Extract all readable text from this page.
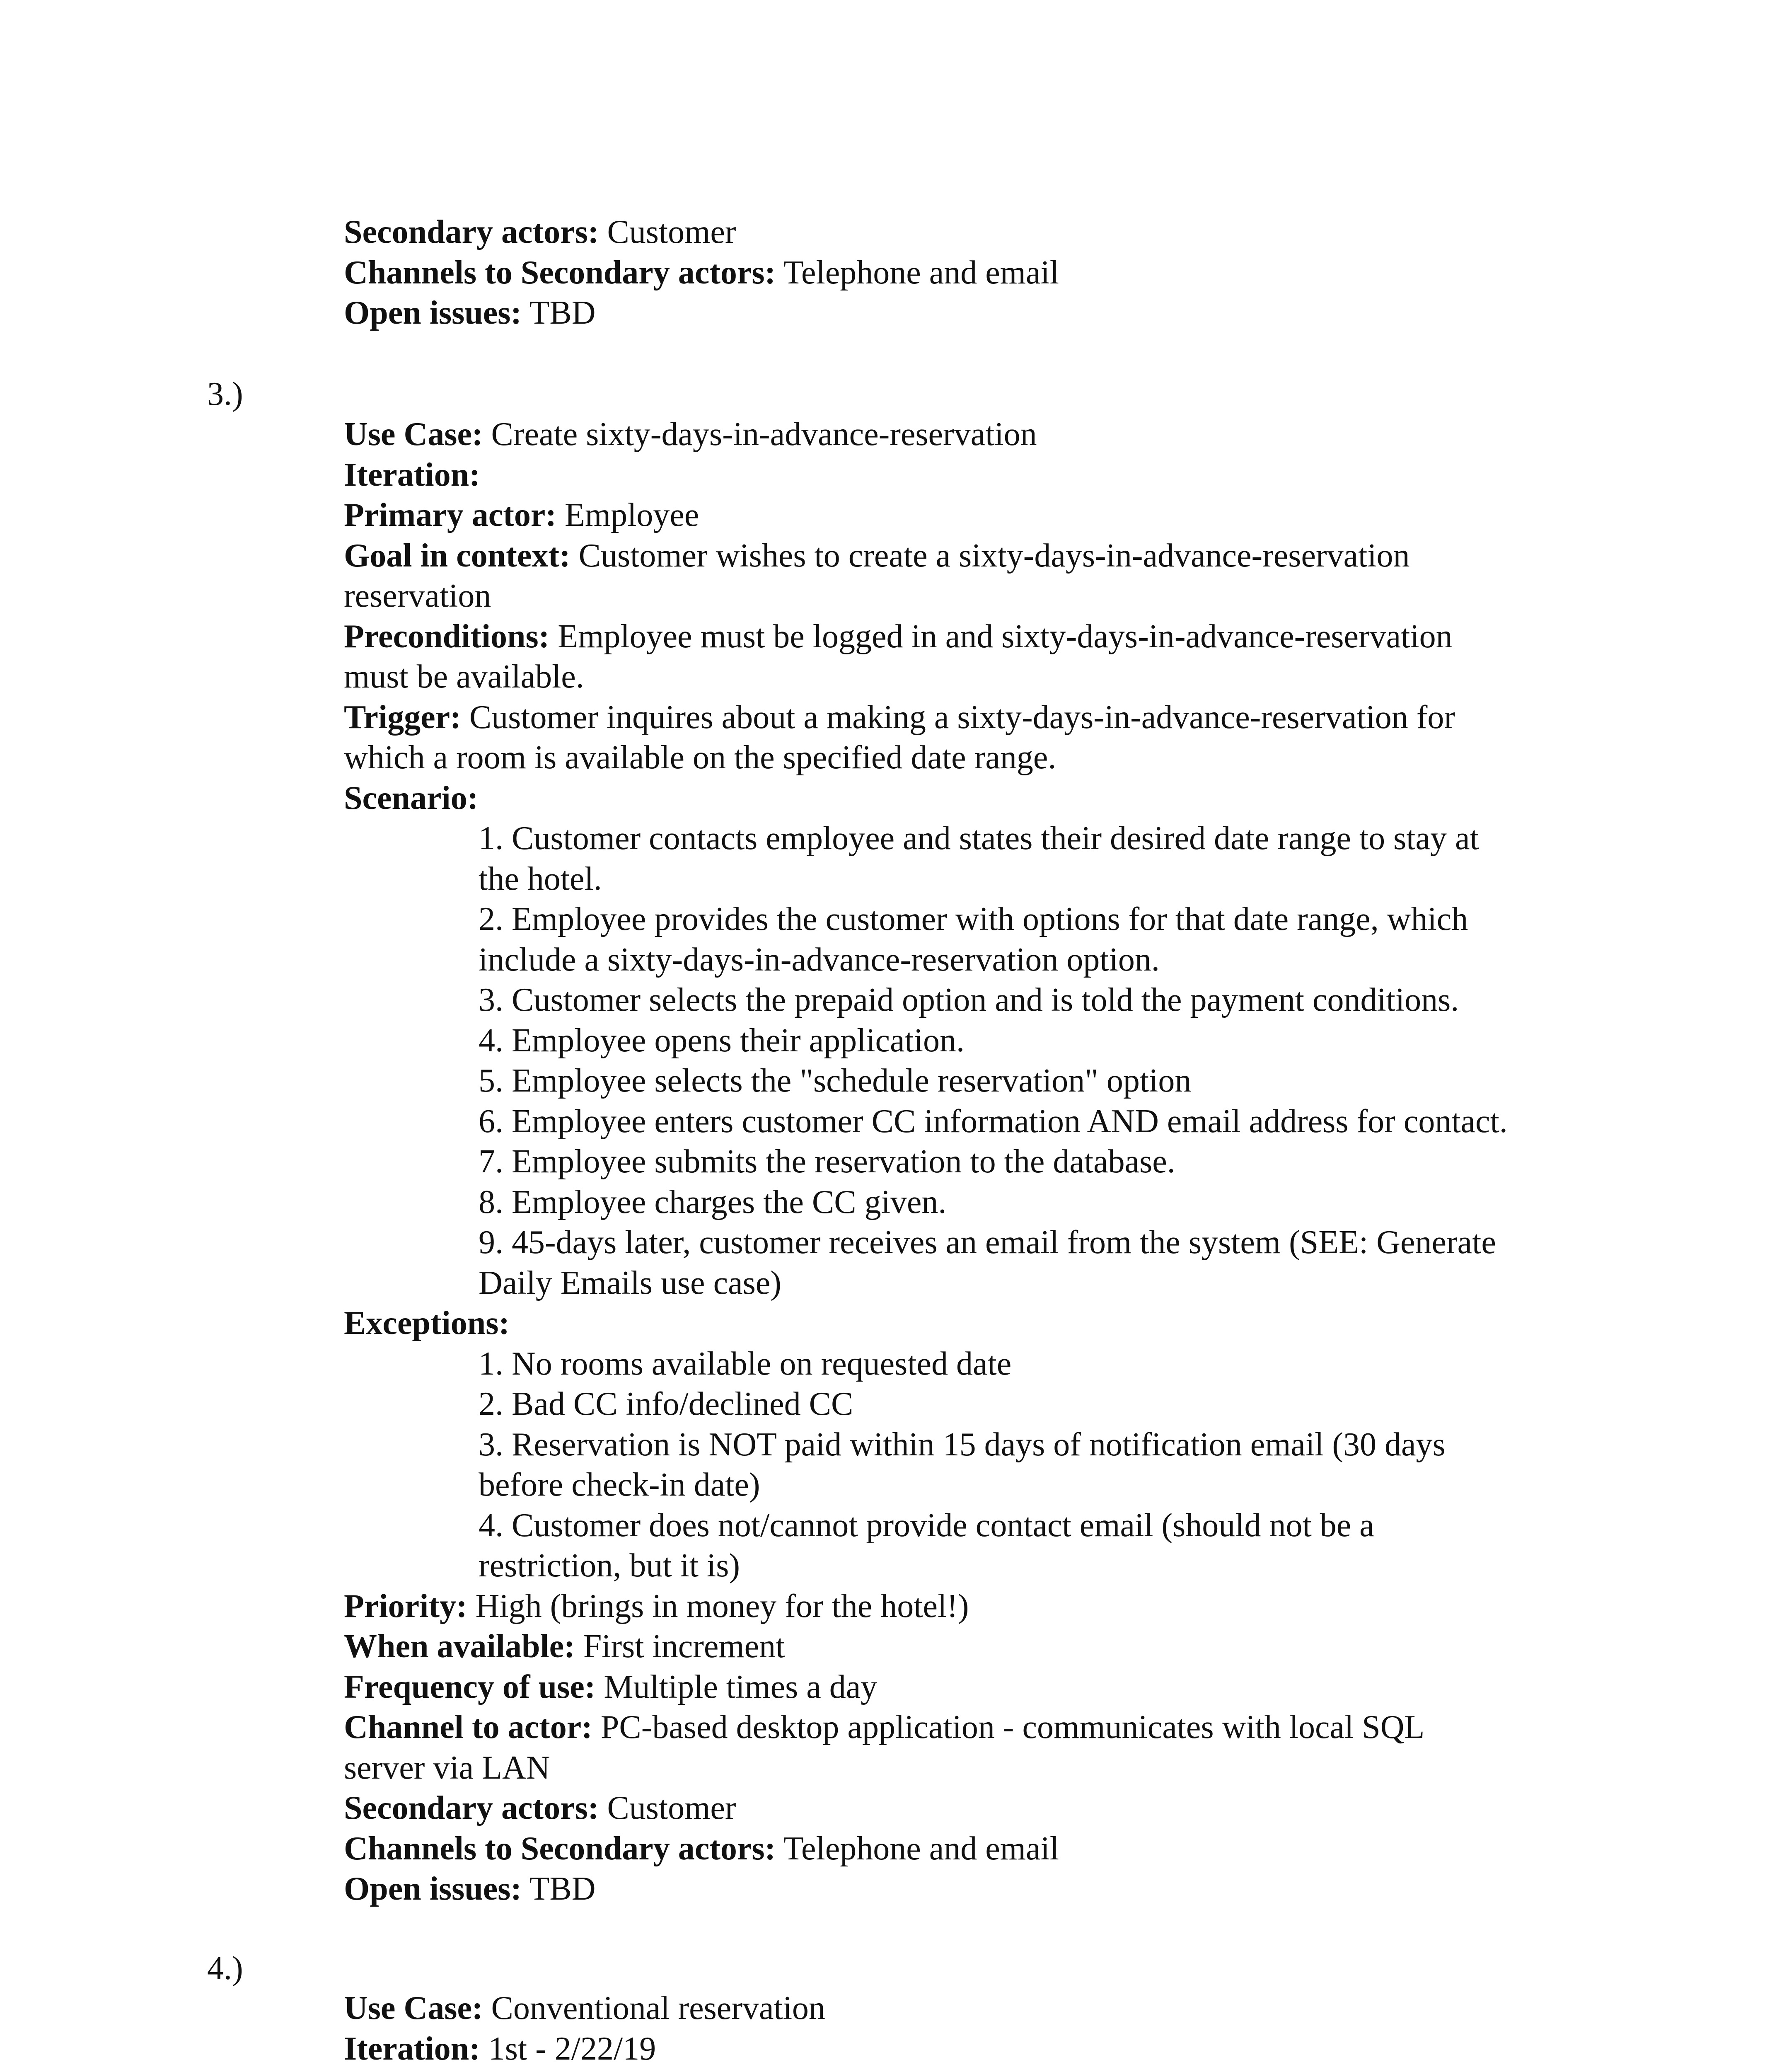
Secondary actors: Customer

Channels to Secondary actors: Telephone and email

Open issues: TBD

3.)

Use Case: Create sixty-days-in-advance-reservation

Iteration:

Primary actor: Employee

Goal in context: Customer wishes to create a sixty-days-in-advance-reservation

reservation

Preconditions: Employee must be logged in and sixty-days-in-advance-reservation

must be available.

Trigger: Customer inquires about a making a sixty-days-in-advance-reservation for

which a room is available on the specified date range.

Scenario:

1. Customer contacts employee and states their desired date range to stay at

the hotel.

2. Employee provides the customer with options for that date range, which

include a sixty-days-in-advance-reservation option.

3. Customer selects the prepaid option and is told the payment conditions.

4. Employee opens their application.

5. Employee selects the "schedule reservation" option

6. Employee enters customer CC information AND email address for contact.

7. Employee submits the reservation to the database.

8. Employee charges the CC given.

9. 45-days later, customer receives an email from the system (SEE: Generate

Daily Emails use case)

Exceptions:

1. No rooms available on requested date

2. Bad CC info/declined CC

3. Reservation is NOT paid within 15 days of notification email (30 days

before check-in date)

4. Customer does not/cannot provide contact email (should not be a

restriction, but it is)

Priority: High (brings in money for the hotel!)

When available: First increment

Frequency of use: Multiple times a day

Channel to actor: PC-based desktop application - communicates with local SQL

server via LAN

Secondary actors: Customer

Channels to Secondary actors: Telephone and email

Open issues: TBD

4.)

Use Case: Conventional reservation

Iteration: 1st - 2/22/19
